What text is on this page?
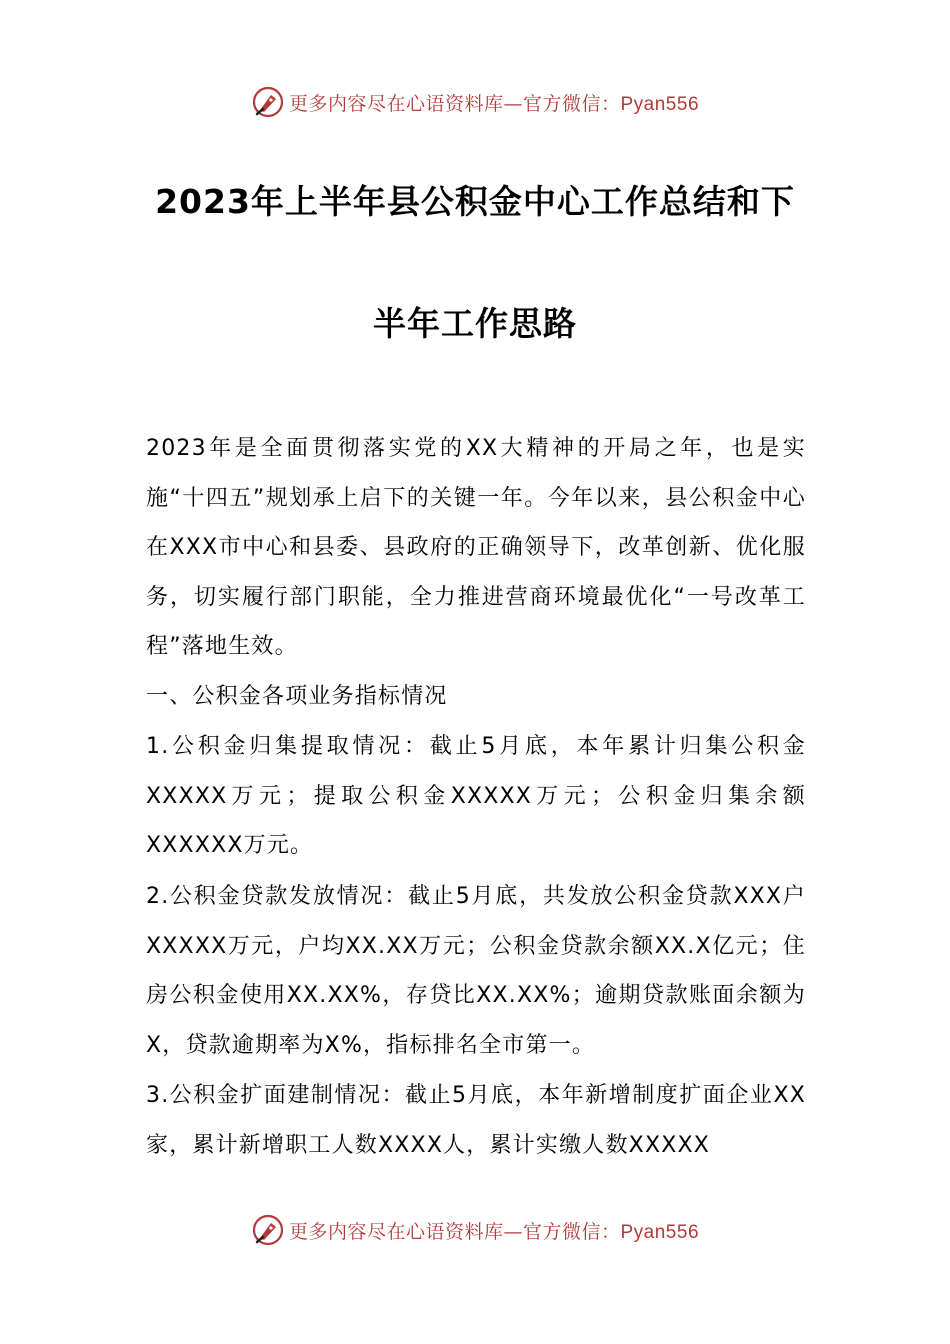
更多内容尽在心语资料库—官方微信：Pyan556
2023年上半年县公积金中心工作总结和下
半年工作思路

2023年是全面贯彻落实党的XX大精神的开局之年，也是实施“十四五”规划承上启下的关键一年。今年以来，县公积金中心在XXX市中心和县委、县政府的正确领导下，改革创新、优化服务，切实履行部门职能，全力推进营商环境最优化“一号改革工程”落地生效。

一、公积金各项业务指标情况

1.公积金归集提取情况：截止5月底，本年累计归集公积金XXXXX万元；提取公积金XXXXX万元；公积金归集余额XXXXXX万元。

2.公积金贷款发放情况：截止5月底，共发放公积金贷款XXX户XXXXX万元，户均XX.XX万元；公积金贷款余额XX.X亿元；住房公积金使用XX.XX%，存贷比XX.XX%；逾期贷款账面余额为X，贷款逾期率为X%，指标排名全市第一。

3.公积金扩面建制情况：截止5月底，本年新增制度扩面企业XX家，累计新增职工人数XXXX人，累计实缴人数XXXXX

更多内容尽在心语资料库—官方微信：Pyan556
